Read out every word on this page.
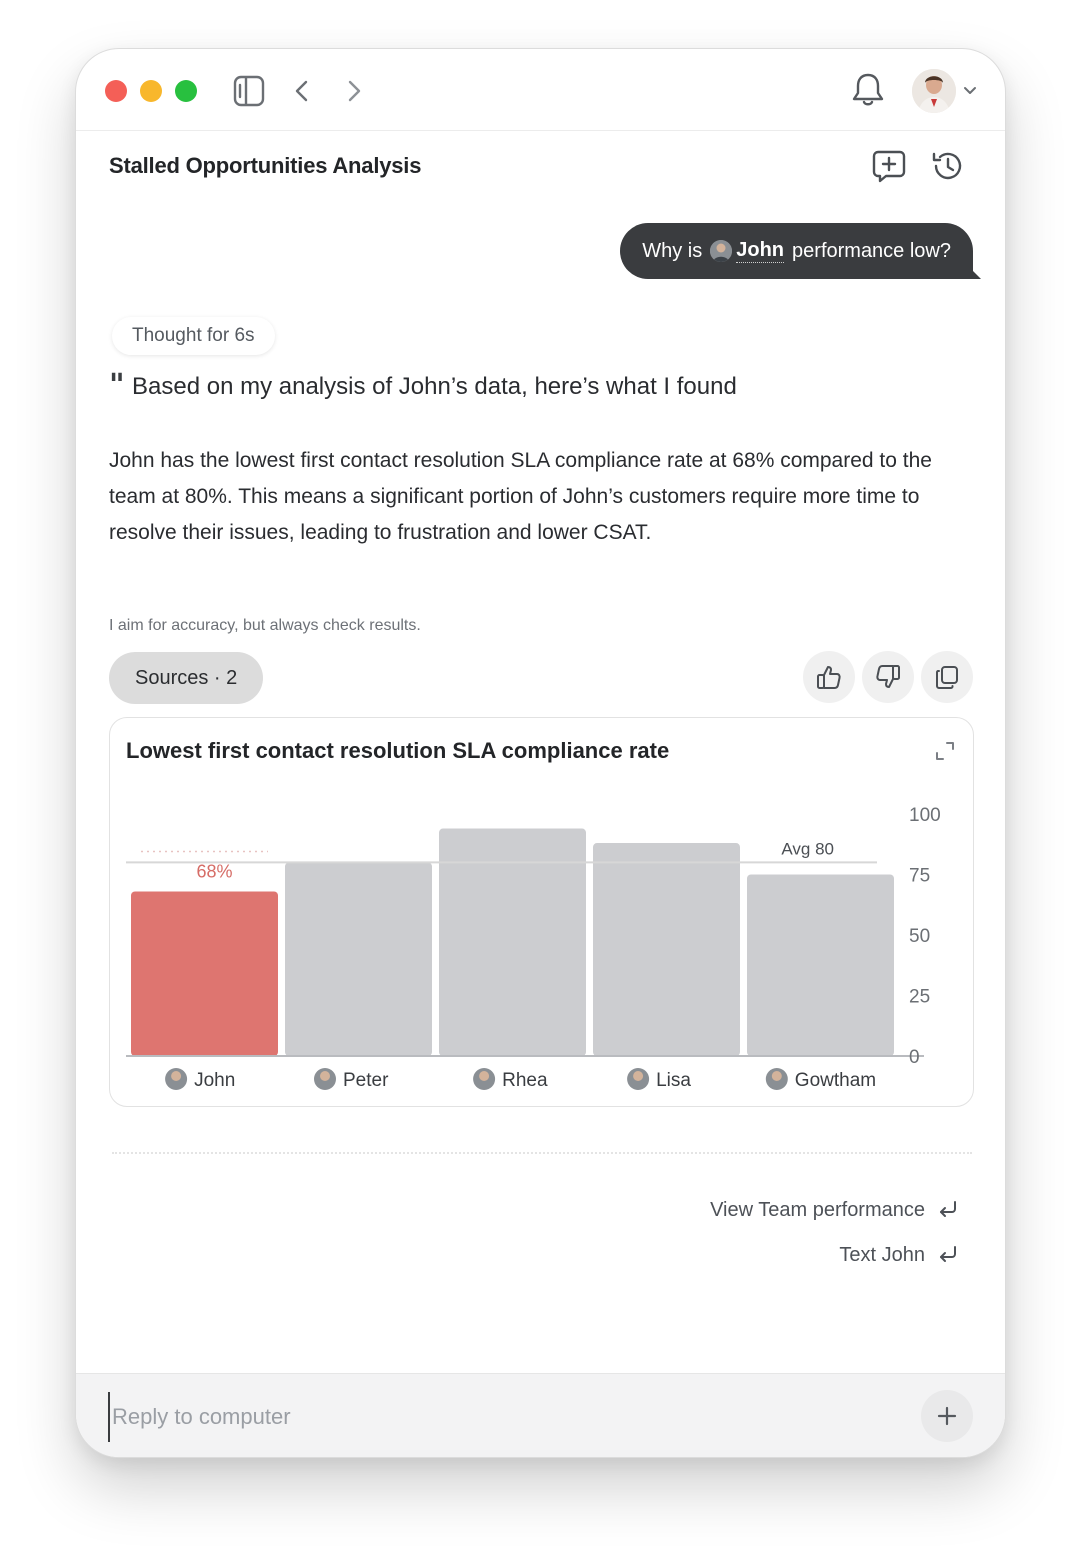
Stalled Opportunities Analysis
Why is John performance low?
Thought for 6s
" Based on my analysis of John’s data, here’s what I found
John has the lowest first contact resolution SLA compliance rate at 68% compared to the team at 80%. This means a significant portion of John’s customers require more time to resolve their issues, leading to frustration and lower CSAT.
I aim for accuracy, but always check results.
Sources · 2
Lowest first contact resolution SLA compliance rate
Avg 80
68%
100
75
50
25
0
John	Peter	Rhea	Lisa	Gowtham
View Team performance
Text John
Reply to computer
